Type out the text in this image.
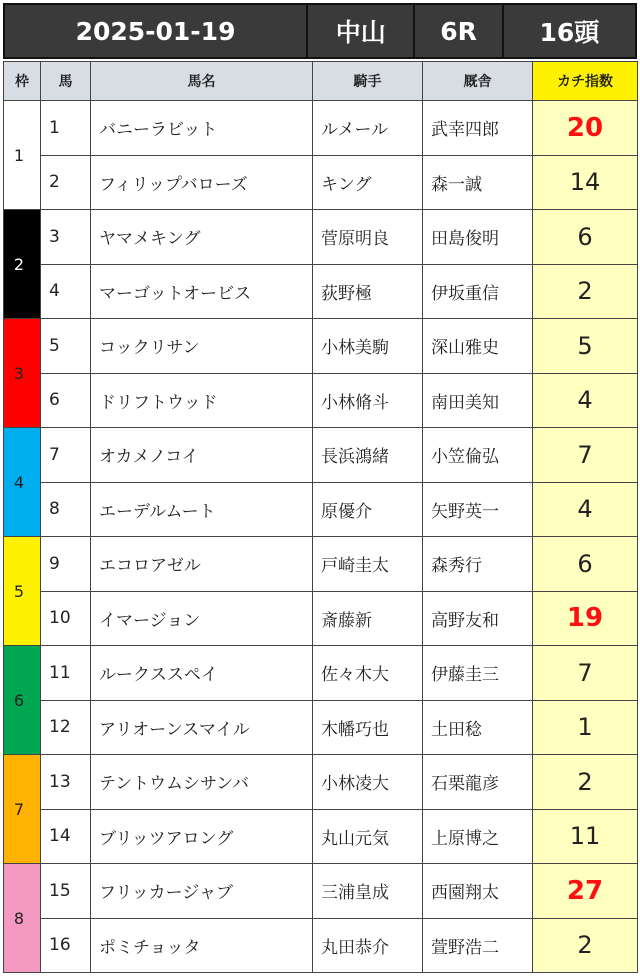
2025-01-19	中山	6R	16頭
枠	馬	馬名	騎手	厩舎	カチ指数
1	1	バニーラビット	ルメール	武幸四郎	20
	2	フィリップバローズ	キング	森一誠	14
2	3	ヤマメキング	菅原明良	田島俊明	6
	4	マーゴットオービス	荻野極	伊坂重信	2
3	5	コックリサン	小林美駒	深山雅史	5
	6	ドリフトウッド	小林脩斗	南田美知	4
4	7	オカメノコイ	長浜鴻緒	小笠倫弘	7
	8	エーデルムート	原優介	矢野英一	4
5	9	エコロアゼル	戸崎圭太	森秀行	6
	10	イマージョン	斎藤新	高野友和	19
6	11	ルークススペイ	佐々木大	伊藤圭三	7
	12	アリオーンスマイル	木幡巧也	土田稔	1
7	13	テントウムシサンバ	小林凌大	石栗龍彦	2
	14	ブリッツアロング	丸山元気	上原博之	11
8	15	フリッカージャブ	三浦皇成	西園翔太	27
	16	ポミチョッタ	丸田恭介	萱野浩二	2
